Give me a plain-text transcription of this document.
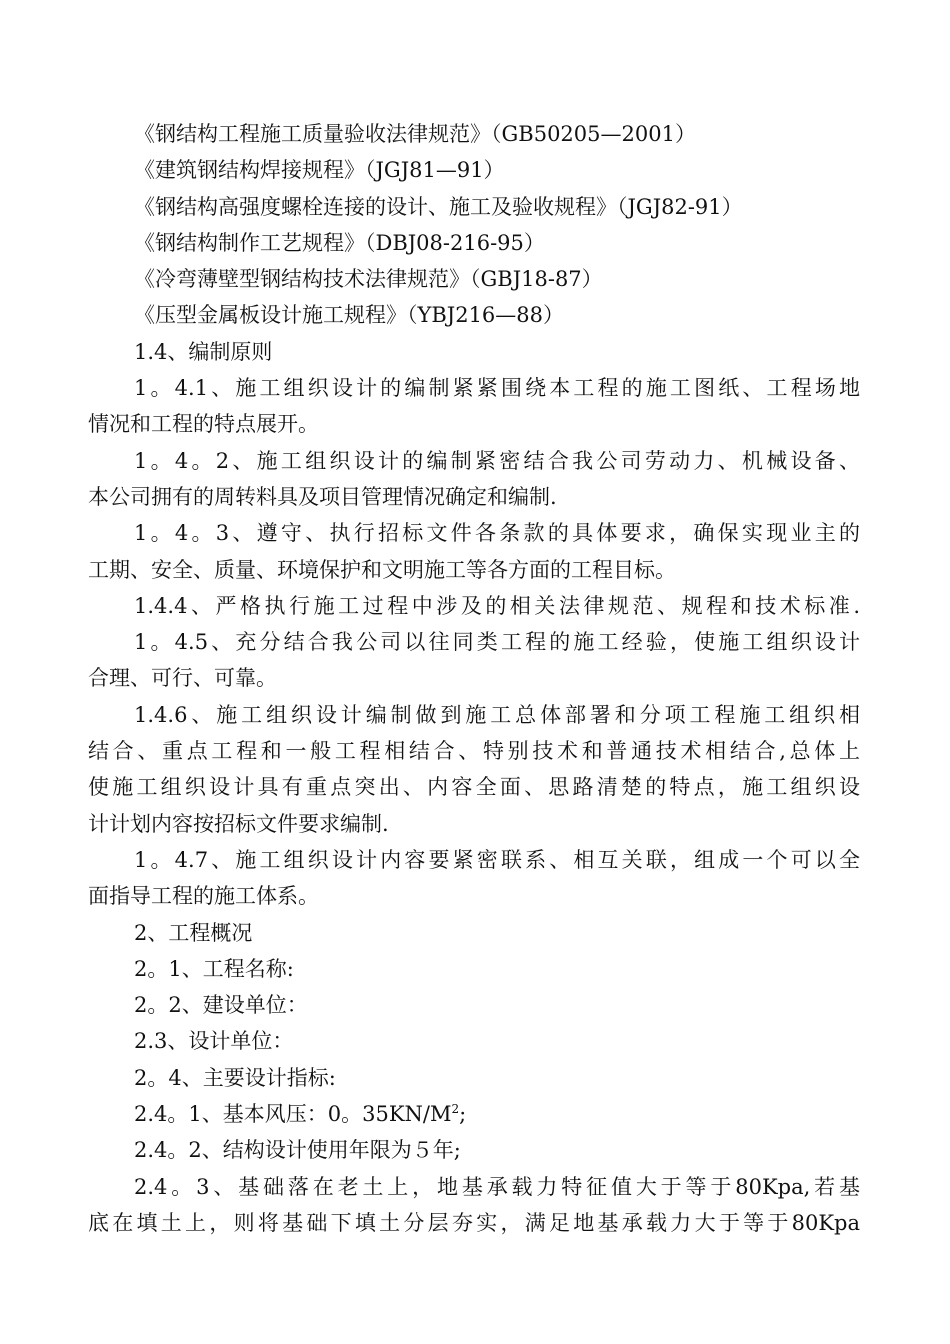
《钢结构工程施工质量验收法律规范》（GB50205—2001）
《建筑钢结构焊接规程》（JGJ81—91）
《钢结构高强度螺栓连接的设计、施工及验收规程》（JGJ82-91）
《钢结构制作工艺规程》（DBJ08-216-95）
《冷弯薄壁型钢结构技术法律规范》（GBJ18-87）
《压型金属板设计施工规程》（YBJ216—88）
1.4、编制原则
1。4.1、施工组织设计的编制紧紧围绕本工程的施工图纸、工程场地
情况和工程的特点展开。
1。4。2、施工组织设计的编制紧密结合我公司劳动力、机械设备、
本公司拥有的周转料具及项目管理情况确定和编制.
1。4。3、遵守、执行招标文件各条款的具体要求，确保实现业主的
工期、安全、质量、环境保护和文明施工等各方面的工程目标。
1.4.4、严格执行施工过程中涉及的相关法律规范、规程和技术标准.
1。4.5、充分结合我公司以往同类工程的施工经验，使施工组织设计
合理、可行、可靠。
1.4.6、施工组织设计编制做到施工总体部署和分项工程施工组织相
结合、重点工程和一般工程相结合、特别技术和普通技术相结合,总体上
使施工组织设计具有重点突出、内容全面、思路清楚的特点，施工组织设
计计划内容按招标文件要求编制.
1。4.7、施工组织设计内容要紧密联系、相互关联，组成一个可以全
面指导工程的施工体系。
2、工程概况
2。1、工程名称:
2。2、建设单位：
2.3、设计单位：
2。4、主要设计指标:
2.4。1、基本风压：0。$35KN/M^2$;
2.4。2、结构设计使用年限为５年;
2.4。3、基础落在老土上，地基承载力特征值大于等于80Kpa,若基
底在填土上，则将基础下填土分层夯实，满足地基承载力大于等于80Kpa
